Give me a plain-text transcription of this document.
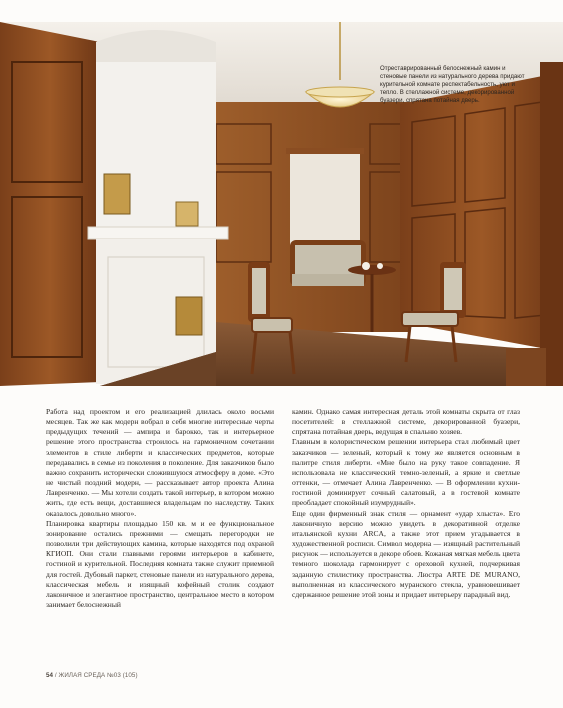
Отреставрированный белоснежный камин и стеновые панели из натурального дерева придают курительной комнате респектабельность, уют и тепло. В стеллажной системе, декорированной буазери, спрятана потайная дверь.

Работа над проектом и его реализацией длилась около восьми месяцев. Так же как модерн вобрал в себя многие интересные черты предыдущих течений — ампира и барокко, так и интерьерное решение этого пространства строилось на гармоничном сочетании элементов в стиле либерти и классических предметов, которые передавались в семье из поколения в поколение. Для заказчиков было важно сохранить исторически сложившуюся атмосферу в доме. «Это не чистый поздний модерн, — рассказывает автор проекта Алина Лавренченко. — Мы хотели создать такой интерьер, в котором можно жить, где есть вещи, доставшиеся владельцам по наследству. Таких оказалось довольно много».

Планировка квартиры площадью 150 кв. м и ее функциональное зонирование остались прежними — смещать перегородки не позволили три действующих камина, которые находятся под охраной КГИОП. Они стали главными героями интерьеров в кабинете, гостиной и курительной. Последняя комната также служит приемной для гостей. Дубовый паркет, стеновые панели из натурального дерева, классическая мебель и изящный кофейный столик создают лаконичное и элегантное пространство, центральное место в котором занимает белоснежный

камин. Однако самая интересная деталь этой комнаты скрыта от глаз посетителей: в стеллажной системе, декорированной буазери, спрятана потайная дверь, ведущая в спальню хозяев.

Главным в колористическом решении интерьера стал любимый цвет заказчиков — зеленый, который к тому же является основным в палитре стиля либерти. «Мне было на руку такое совпадение. Я использовала не классический темно-зеленый, а яркие и светлые оттенки, — отмечает Алина Лавренченко. — В оформлении кухни-гостиной доминирует сочный салатовый, а в гостевой комнате преобладает спокойный изумрудный».

Еще один фирменный знак стиля — орнамент «удар хлыста». Его лаконичную версию можно увидеть в декоративной отделке итальянской кухни ARCA, а также этот прием угадывается в художественной росписи. Символ модерна — изящный растительный рисунок — используется в декоре обоев. Кожаная мягкая мебель цвета темного шоколада гармонирует с ореховой кухней, подчеркивая заданную стилистику пространства. Люстра ARTE DE MURANO, выполненная из классического муранского стекла, уравновешивает сдержанное решение этой зоны и придает интерьеру парадный вид.

54 / ЖИЛАЯ СРЕДА №03 (105)
